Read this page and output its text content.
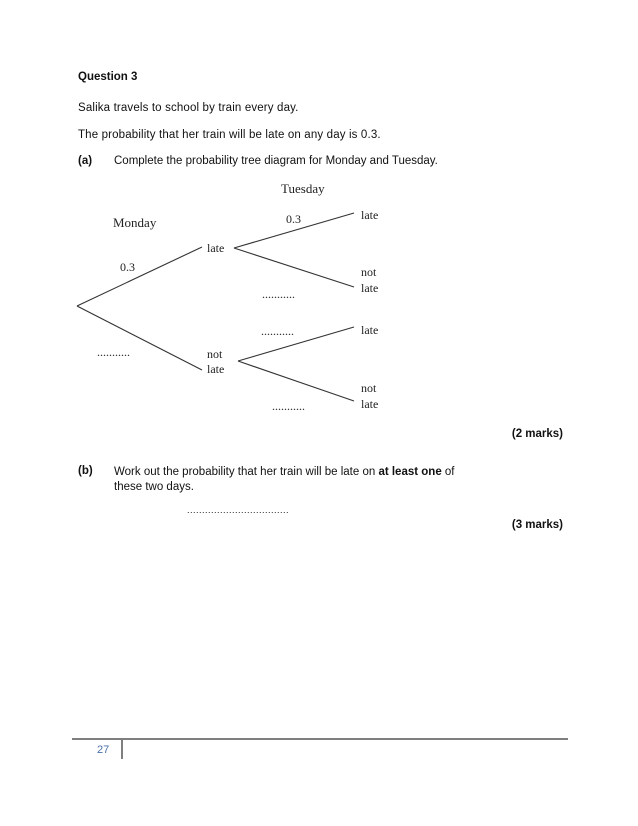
Question 3
Salika travels to school by train every day.
The probability that her train will be late on any day is 0.3.
(a) Complete the probability tree diagram for Monday and Tuesday.
Tuesday
Monday
0.3
...........
0.3
...........
...........
...........
late
not
late
late
not
late
late
not
late
(2 marks)
(b) Work out the probability that her train will be late on at least one of these two days.
..................................
(3 marks)
27
